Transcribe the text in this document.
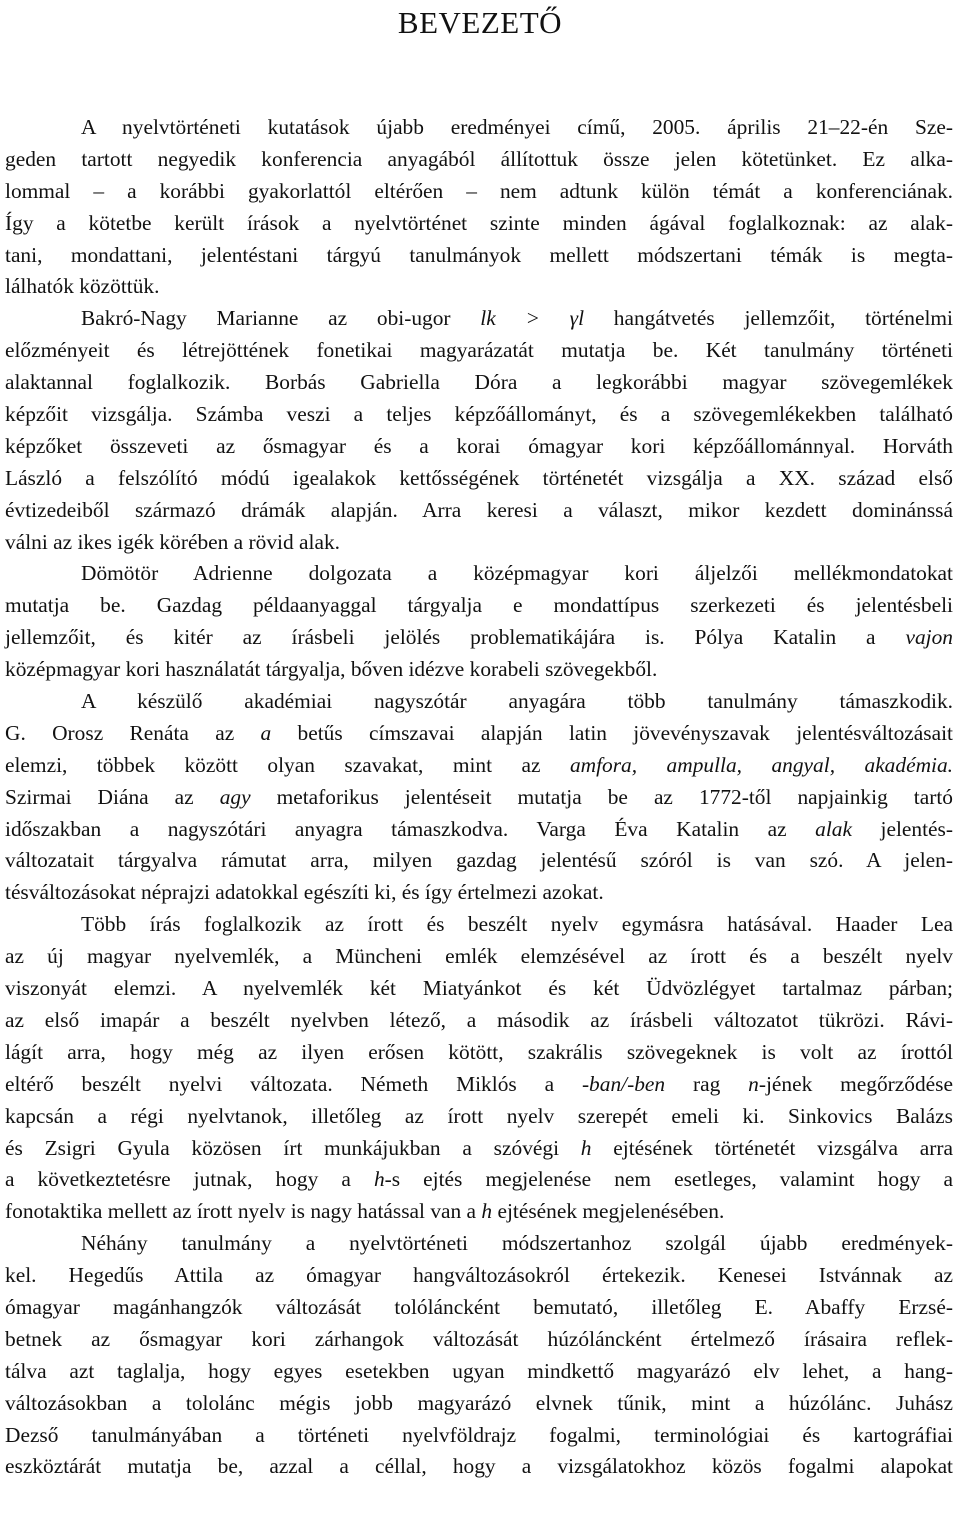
BEVEZETŐ
A nyelvtörténeti kutatások újabb eredményei című, 2005. április 21–22-én Sze-
geden tartott negyedik konferencia anyagából állítottuk össze jelen kötetünket. Ez alka-
lommal – a korábbi gyakorlattól eltérően – nem adtunk külön témát a konferenciának.
Így a kötetbe került írások a nyelvtörténet szinte minden ágával foglalkoznak: az alak-
tani, mondattani, jelentéstani tárgyú tanulmányok mellett módszertani témák is megta-
lálhatók közöttük.
Bakró-Nagy Marianne az obi-ugor lk > γl hangátvetés jellemzőit, történelmi
előzményeit és létrejöttének fonetikai magyarázatát mutatja be. Két tanulmány történeti
alaktannal foglalkozik. Borbás Gabriella Dóra a legkorábbi magyar szövegemlékek
képzőit vizsgálja. Számba veszi a teljes képzőállományt, és a szövegemlékekben található
képzőket összeveti az ősmagyar és a korai ómagyar kori képzőállománnyal. Horváth
László a felszólító módú igealakok kettősségének történetét vizsgálja a XX. század első
évtizedeiből származó drámák alapján. Arra keresi a választ, mikor kezdett dominánssá
válni az ikes igék körében a rövid alak.
Dömötör Adrienne dolgozata a középmagyar kori áljelzői mellékmondatokat
mutatja be. Gazdag példaanyaggal tárgyalja e mondattípus szerkezeti és jelentésbeli
jellemzőit, és kitér az írásbeli jelölés problematikájára is. Pólya Katalin a vajon
középmagyar kori használatát tárgyalja, bőven idézve korabeli szövegekből.
A készülő akadémiai nagyszótár anyagára több tanulmány támaszkodik.
G. Orosz Renáta az a betűs címszavai alapján latin jövevényszavak jelentésváltozásait
elemzi, többek között olyan szavakat, mint az amfora, ampulla, angyal, akadémia.
Szirmai Diána az agy metaforikus jelentéseit mutatja be az 1772-től napjainkig tartó
időszakban a nagyszótári anyagra támaszkodva. Varga Éva Katalin az alak jelentés-
változatait tárgyalva rámutat arra, milyen gazdag jelentésű szóról is van szó. A jelen-
tésváltozásokat néprajzi adatokkal egészíti ki, és így értelmezi azokat.
Több írás foglalkozik az írott és beszélt nyelv egymásra hatásával. Haader Lea
az új magyar nyelvemlék, a Müncheni emlék elemzésével az írott és a beszélt nyelv
viszonyát elemzi. A nyelvemlék két Miatyánkot és két Üdvözlégyet tartalmaz párban;
az első imapár a beszélt nyelvben létező, a második az írásbeli változatot tükrözi. Rávi-
lágít arra, hogy még az ilyen erősen kötött, szakrális szövegeknek is volt az írottól
eltérő beszélt nyelvi változata. Németh Miklós a -ban/-ben rag n-jének megőrződése
kapcsán a régi nyelvtanok, illetőleg az írott nyelv szerepét emeli ki. Sinkovics Balázs
és Zsigri Gyula közösen írt munkájukban a szóvégi h ejtésének történetét vizsgálva arra
a következtetésre jutnak, hogy a h-s ejtés megjelenése nem esetleges, valamint hogy a
fonotaktika mellett az írott nyelv is nagy hatással van a h ejtésének megjelenésében.
Néhány tanulmány a nyelvtörténeti módszertanhoz szolgál újabb eredmények-
kel. Hegedűs Attila az ómagyar hangváltozásokról értekezik. Kenesei Istvánnak az
ómagyar magánhangzók változását tolóláncként bemutató, illetőleg E. Abaffy Erzsé-
betnek az ősmagyar kori zárhangok változását húzóláncként értelmező írásaira reflek-
tálva azt taglalja, hogy egyes esetekben ugyan mindkettő magyarázó elv lehet, a hang-
változásokban a tololánc mégis jobb magyarázó elvnek tűnik, mint a húzólánc. Juhász
Dezső tanulmányában a történeti nyelvföldrajz fogalmi, terminológiai és kartográfiai
eszköztárát mutatja be, azzal a céllal, hogy a vizsgálatokhoz közös fogalmi alapokat
